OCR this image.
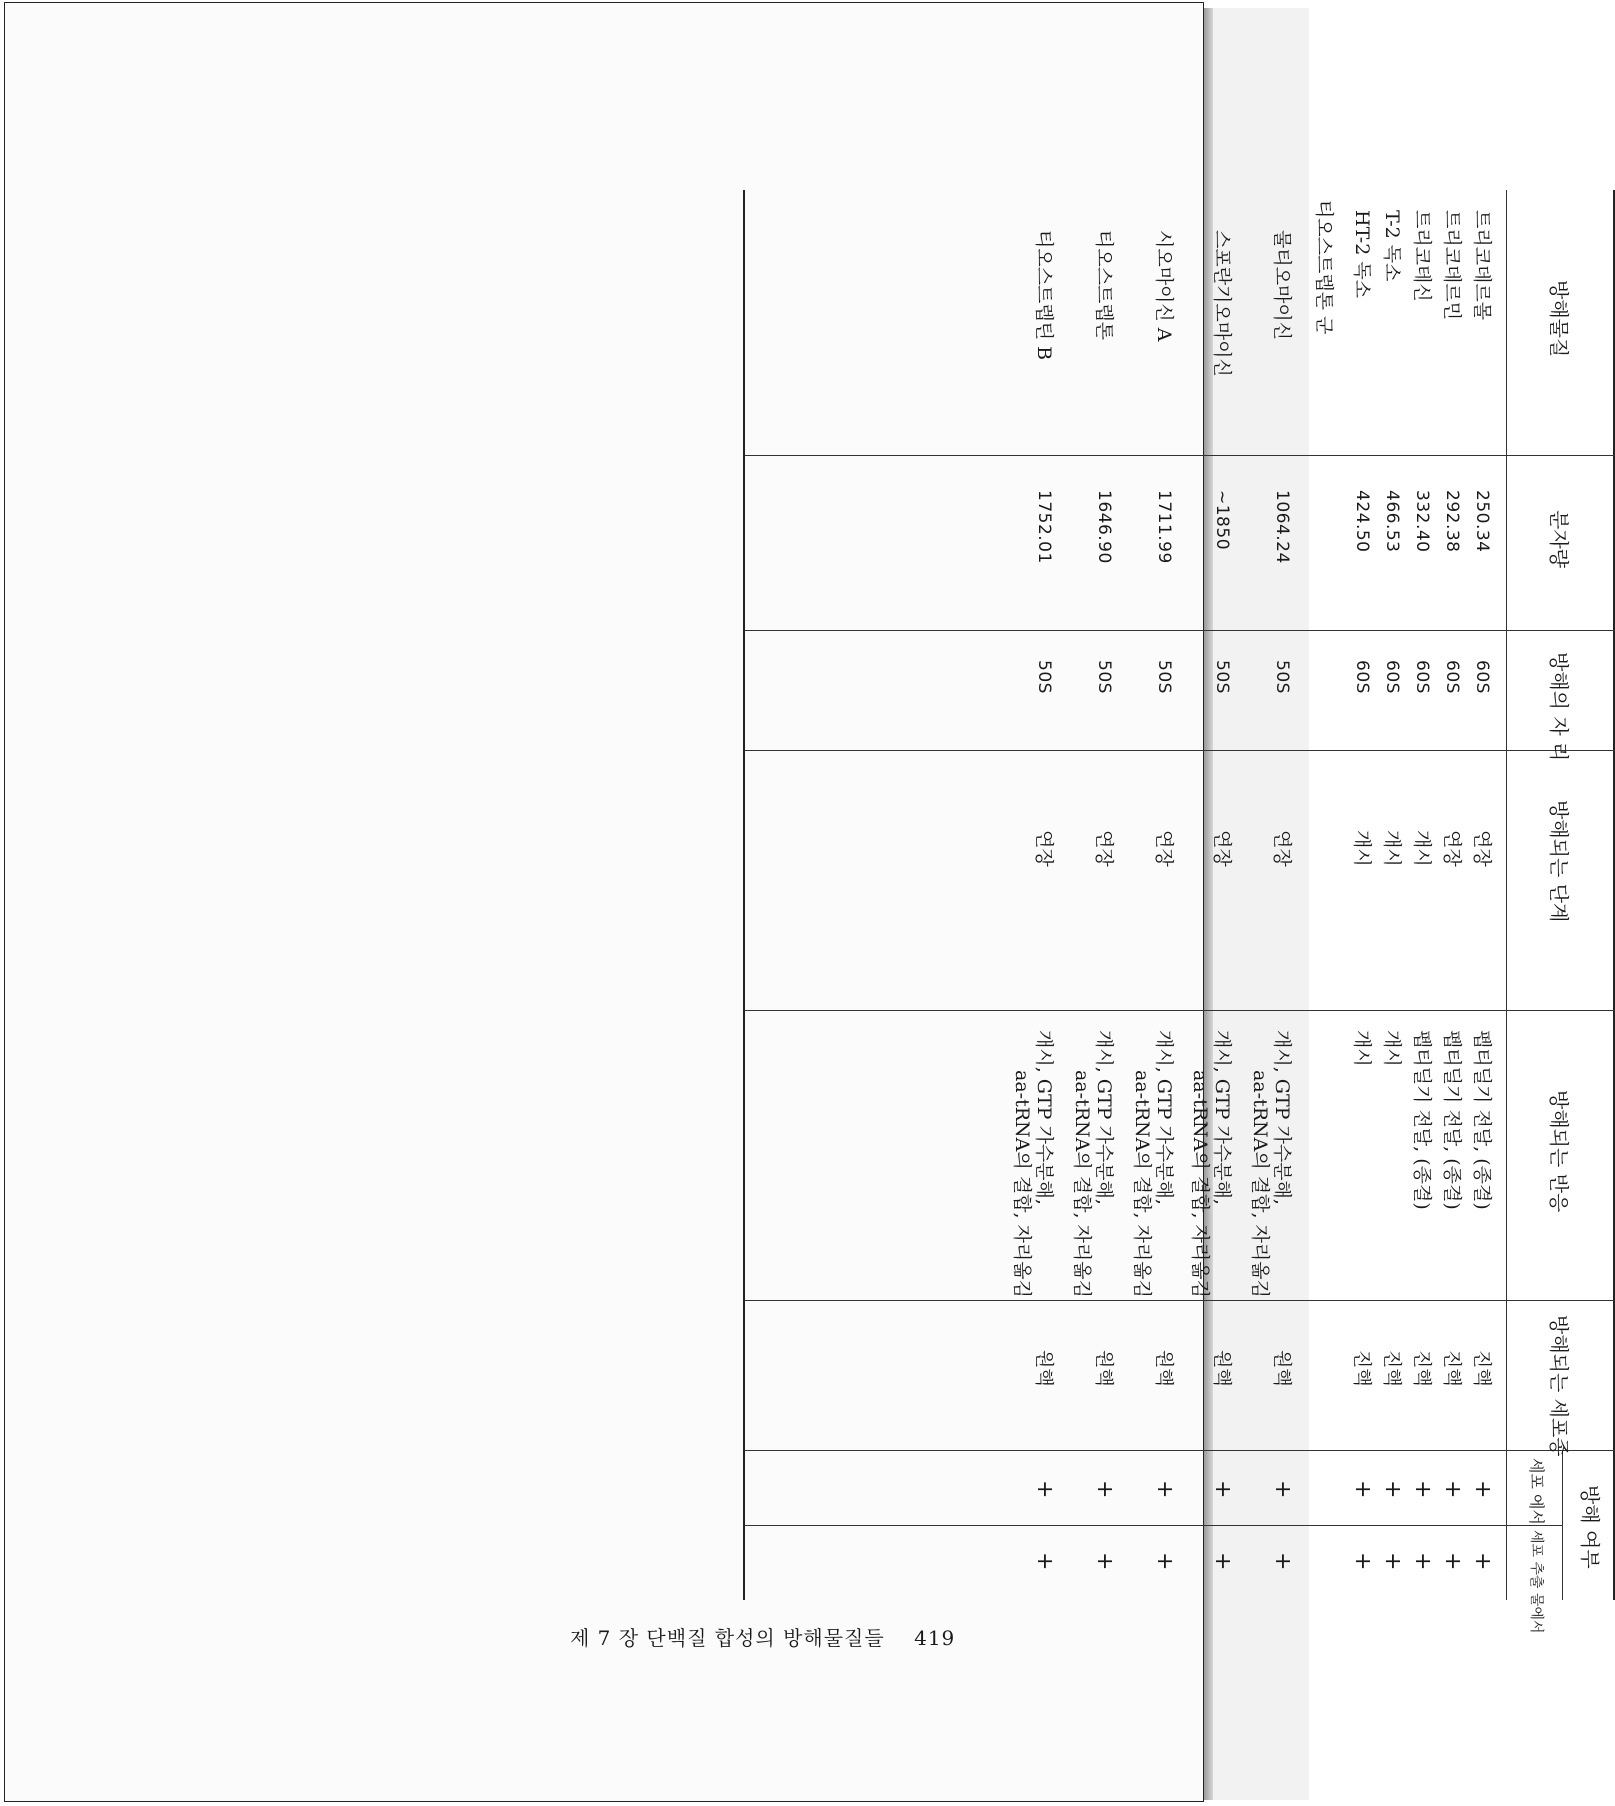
방해물질
분자량
방해의 자 리
방해되는 단계
방해되는 반응
방해되는 세포종
방해 여부
세포 에서
세포 추출 물에서
티오스트렙톤 군	트리코데르몰
250.34
60S
연장
펩티딜기 전달, (종결)
진핵
+
+
트리코데르민
292.38
60S
연장
펩티딜기 전달, (종결)
진핵
+
+
트리코테신
332.40
60S
개시
펩티딜기 전달, (종결)
진핵
+
+
T-2 독소
466.53
60S
개시
개시
진핵
+
+
HT-2 독소
424.50
60S
개시
개시
진핵
+
+
물티오마이신
1064.24
50S
연장
개시, GTP 가수분해,
aa-tRNA의 결합, 자리옮김
원핵
+
+
스포란기오마이신
~1850
50S
연장
개시, GTP 가수분해,
aa-tRNA의 결합, 자리옮김
원핵
+
+
시오마이신 A
1711.99
50S
연장
개시, GTP 가수분해,
aa-tRNA의 결합, 자리옮김
원핵
+
+
티오스트렙톤
1646.90
50S
연장
개시, GTP 가수분해,
aa-tRNA의 결합, 자리옮김
원핵
+
+
티오스트렙틴 B
1752.01
50S
연장
개시, GTP 가수분해,
aa-tRNA의 결합, 자리옮김
원핵
+
+
제 7 장 단백질 합성의 방해물질들 419
